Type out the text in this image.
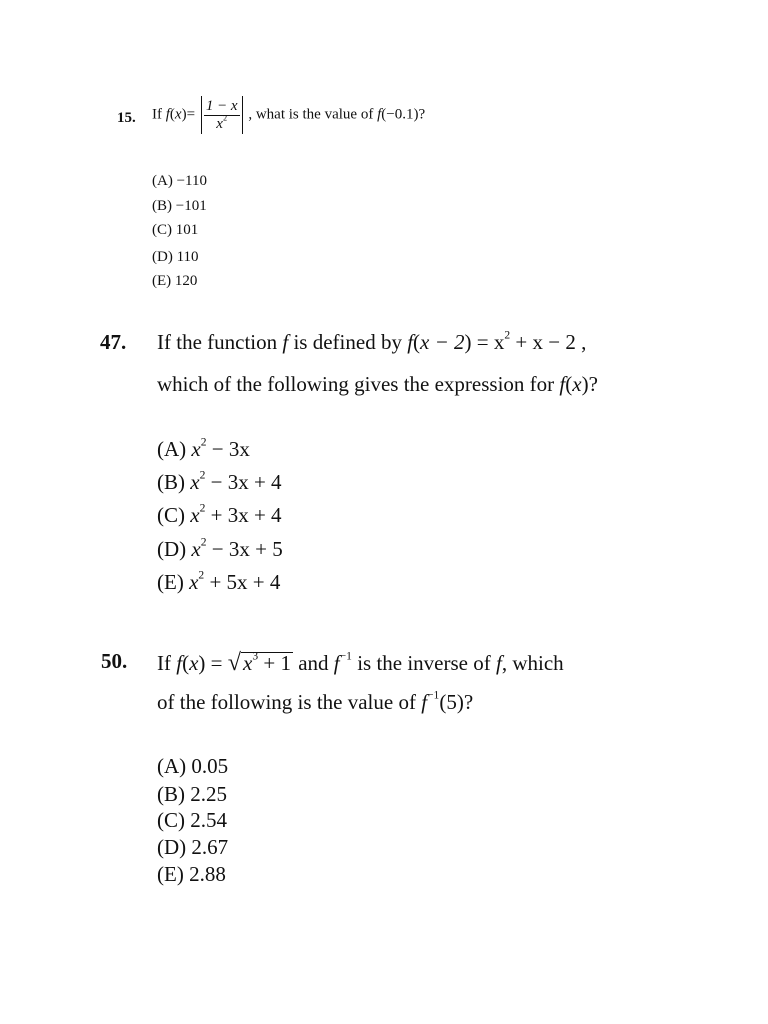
15. If $f(x)= \frac{1 - x}{x^2}$ , what is the value of f(−0.1)?
(A) −110
(B) −101
(C) 101
(D) 110
(E) 120
47. If the function f is defined by $f(x - 2) = x^2 + x - 2$ ,
which of the following gives the expression for f(x)?
(A) $x^2 - 3x$
(B) $x^2 - 3x + 4$
(C) $x^2 + 3x + 4$
(D) $x^2 - 3x + 5$
(E) $x^2 + 5x + 4$
50. If $f(x) = √x^3 + 1$ and $f^{-1}$ is the inverse of f, which
of the following is the value of $f^{-1}(5)$?
(A) 0.05
(B) 2.25
(C) 2.54
(D) 2.67
(E) 2.88
